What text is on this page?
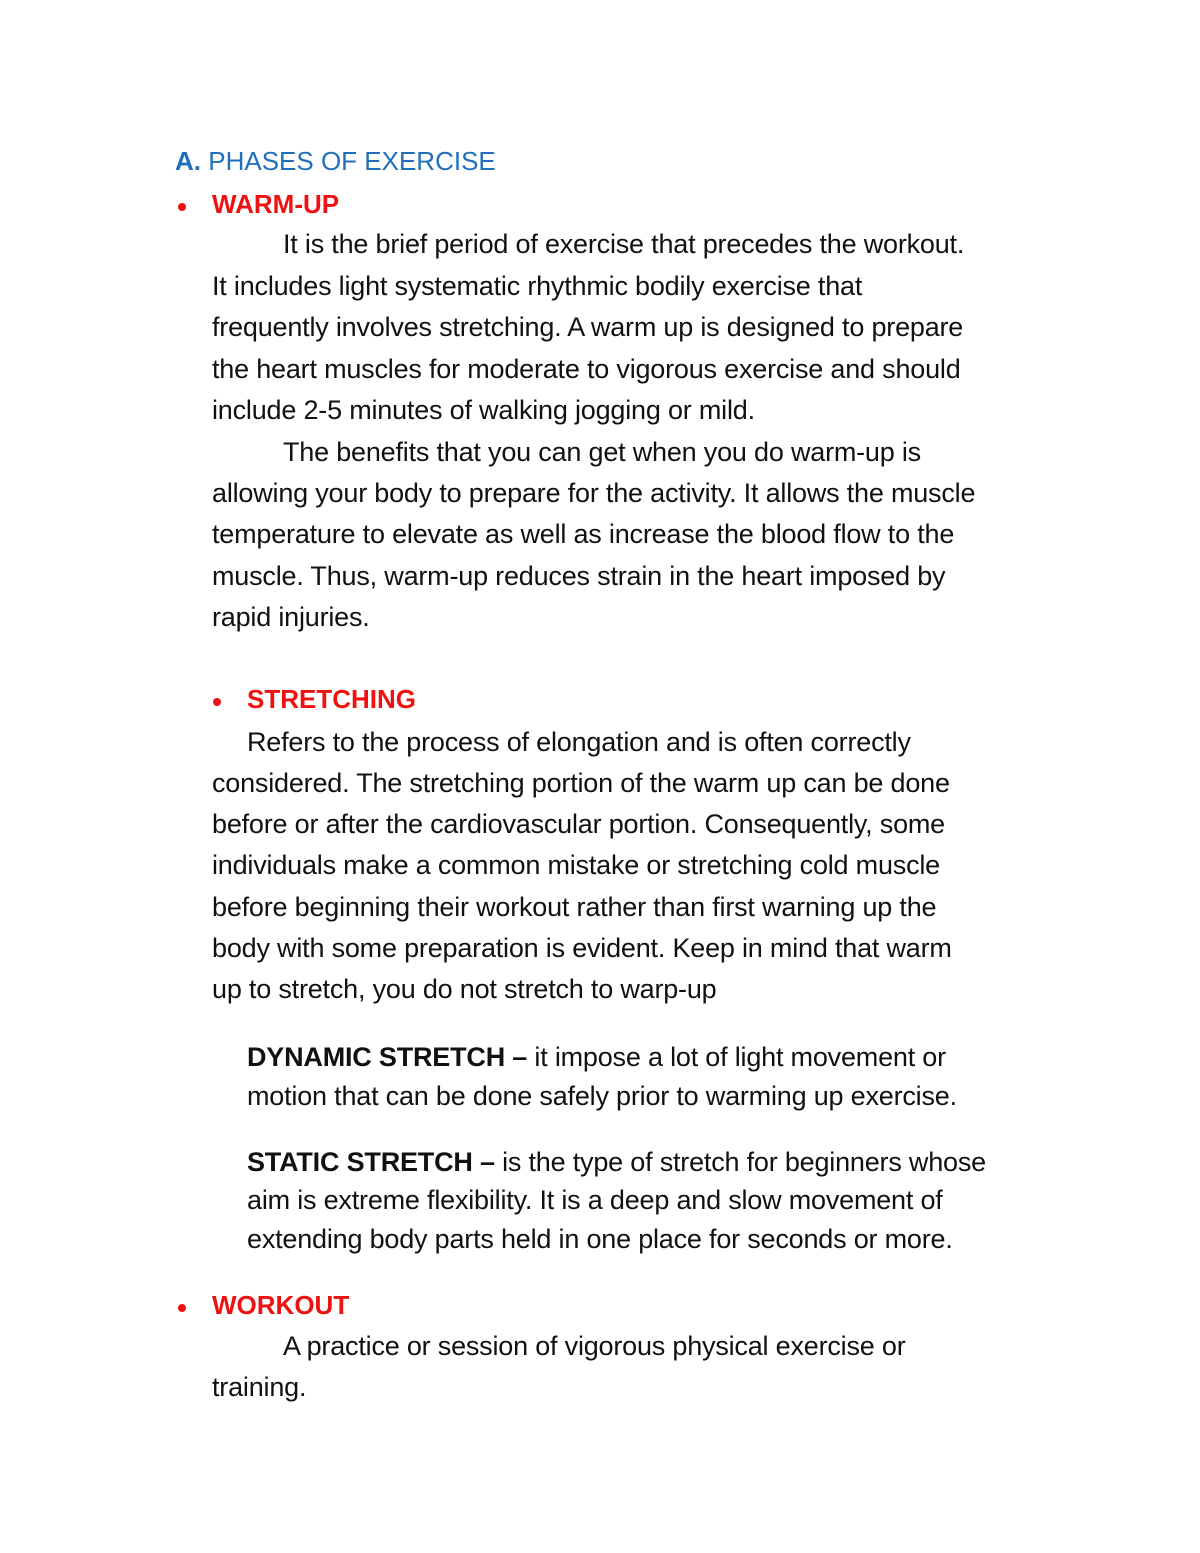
A. PHASES OF EXERCISE
WARM-UP
It is the brief period of exercise that precedes the workout.
It includes light systematic rhythmic bodily exercise that
frequently involves stretching. A warm up is designed to prepare
the heart muscles for moderate to vigorous exercise and should
include 2-5 minutes of walking jogging or mild.
The benefits that you can get when you do warm-up is
allowing your body to prepare for the activity. It allows the muscle
temperature to elevate as well as increase the blood flow to the
muscle. Thus, warm-up reduces strain in the heart imposed by
rapid injuries.
STRETCHING
Refers to the process of elongation and is often correctly
considered. The stretching portion of the warm up can be done
before or after the cardiovascular portion. Consequently, some
individuals make a common mistake or stretching cold muscle
before beginning their workout rather than first warning up the
body with some preparation is evident. Keep in mind that warm
up to stretch, you do not stretch to warp-up
DYNAMIC STRETCH – it impose a lot of light movement or
motion that can be done safely prior to warming up exercise.
STATIC STRETCH – is the type of stretch for beginners whose
aim is extreme flexibility. It is a deep and slow movement of
extending body parts held in one place for seconds or more.
WORKOUT
A practice or session of vigorous physical exercise or
training.
